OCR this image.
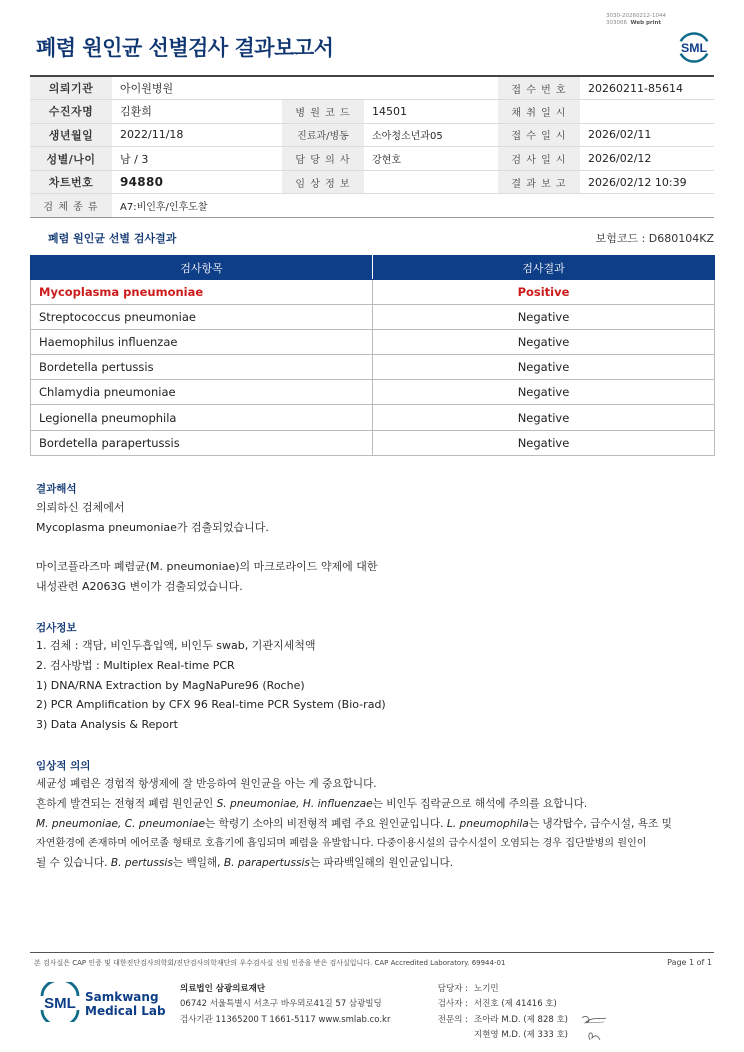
폐렴 원인균 선별검사 결과보고서
3030-20260212-1044
303006 Web print
SML
의뢰기관	아이원병원			접 수 번 호	20260211-85614
수진자명	김환희	병 원 코 드	14501	채 취 일 시	
생년월일	2022/11/18	진료과/병동	소아청소년과05	접 수 일 시	2026/02/11
성별/나이	남 / 3	담 당 의 사	강현호	검 사 일 시	2026/02/12
차트번호	94880	임 상 정 보		결 과 보 고	2026/02/12 10:39
검 체 종 류	A7:비인후/인후도찰				
폐렴 원인균 선별 검사결과	보험코드 : D680104KZ
검사항목	검사결과
Mycoplasma pneumoniae	Positive
Streptococcus pneumoniae	Negative
Haemophilus influenzae	Negative
Bordetella pertussis	Negative
Chlamydia pneumoniae	Negative
Legionella pneumophila	Negative
Bordetella parapertussis	Negative
결과해석
의뢰하신 검체에서
Mycoplasma pneumoniae가 검출되었습니다.
마이코플라즈마 폐렴균(M. pneumoniae)의 마크로라이드 약제에 대한
내성관련 A2063G 변이가 검출되었습니다.
검사정보
1. 검체 : 객담, 비인두흡입액, 비인두 swab, 기관지세척액
2. 검사방법 : Multiplex Real-time PCR
1) DNA/RNA Extraction by MagNaPure96 (Roche)
2) PCR Amplification by CFX 96 Real-time PCR System (Bio-rad)
3) Data Analysis & Report
임상적 의의
세균성 폐렴은 경험적 항생제에 잘 반응하여 원인균을 아는 게 중요합니다.
흔하게 발견되는 전형적 폐렴 원인균인 S. pneumoniae, H. influenzae는 비인두 집락균으로 해석에 주의를 요합니다.
M. pneumoniae, C. pneumoniae는 학령기 소아의 비전형적 폐렴 주요 원인균입니다. L. pneumophila는 냉각탑수, 급수시설, 욕조 및
자연환경에 존재하며 에어로졸 형태로 호흡기에 흡입되며 폐렴을 유발합니다. 다중이용시설의 급수시설이 오염되는 경우 집단발병의 원인이
될 수 있습니다. B. pertussis는 백일해, B. parapertussis는 파라백일해의 원인균입니다.
본 검사실은 CAP 인증 및 대한진단검사의학회/진단검사의학재단의 우수검사실 신임 인증을 받은 검사실입니다. CAP Accredited Laboratory. 69944-01	Page 1 of 1
SML Samkwang
Medical Lab
의료법인 삼광의료재단
06742 서울특별시 서초구 바우뫼로41길 57 삼광빌딩
검사기관 11365200 T 1661-5117 www.smlab.co.kr
담당자 : 노기민
검사자 : 서진호 (제 41416 호)
전문의 : 조아라 M.D. (제 828 호)
지현영 M.D. (제 333 호)
